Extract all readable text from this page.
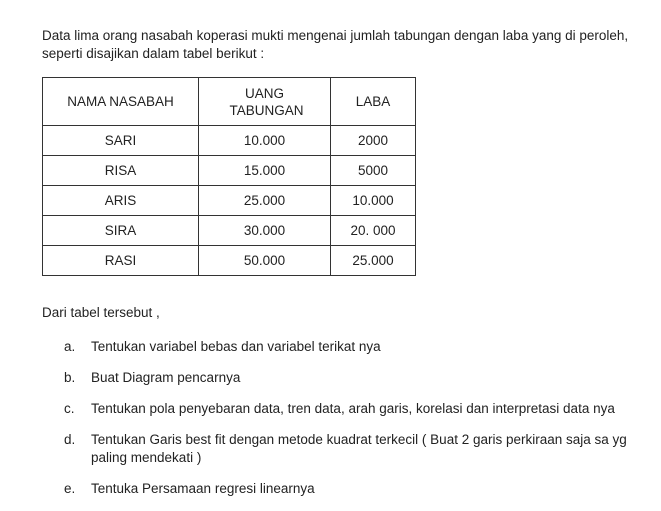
Data lima orang nasabah koperasi mukti mengenai jumlah tabungan dengan laba yang di peroleh, seperti disajikan dalam tabel berikut :

NAMA NASABAH	UANG TABUNGAN	LABA
SARI	10.000	2000
RISA	15.000	5000
ARIS	25.000	10.000
SIRA	30.000	20. 000
RASI	50.000	25.000

Dari tabel tersebut ,

a.	Tentukan variabel bebas dan variabel terikat nya
b.	Buat Diagram pencarnya
c.	Tentukan pola penyebaran data, tren data, arah garis, korelasi dan interpretasi data nya
d.	Tentukan Garis best fit dengan metode kuadrat terkecil ( Buat 2 garis perkiraan saja sa yg paling mendekati )
e.	Tentuka Persamaan regresi linearnya
